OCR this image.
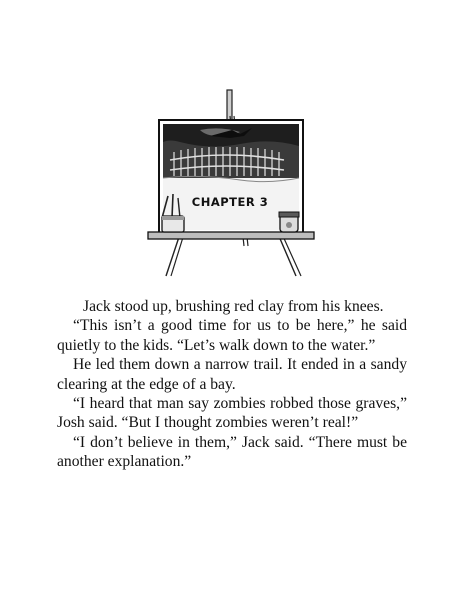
CHAPTER 3

Jack stood up, brushing red clay from his knees.

“This isn’t a good time for us to be here,” he said quietly to the kids. “Let’s walk down to the water.”

He led them down a narrow trail. It ended in a sandy clearing at the edge of a bay.

“I heard that man say zombies robbed those graves,” Josh said. “But I thought zombies weren’t real!”

“I don’t believe in them,” Jack said. “There must be another explanation.”
